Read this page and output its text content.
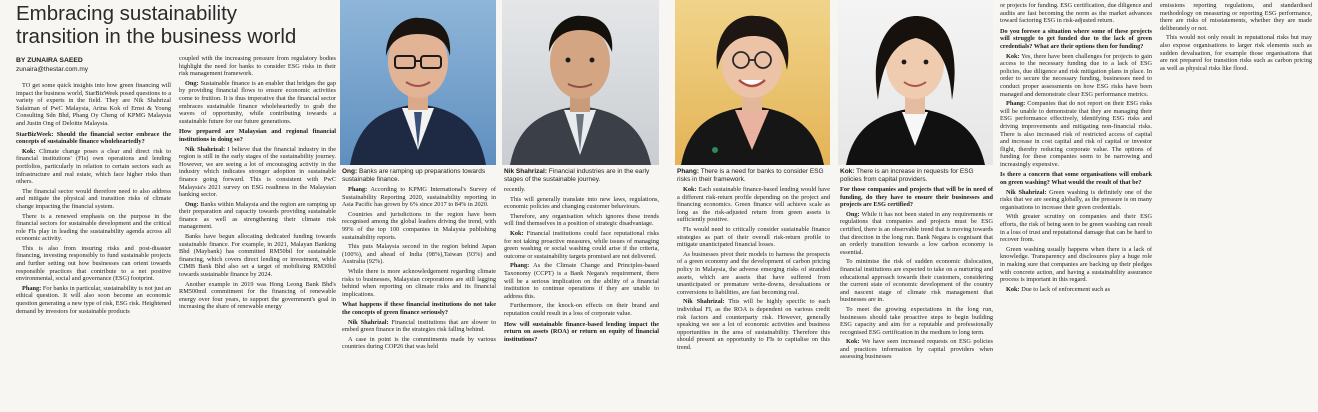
Embracing sustainability
transition in the business world
BY ZUNAIRA SAEED
zunaira@thestar.com.my

TO get some quick insights into how green financing will impact the business world, StarBizWeek posed questions to a variety of experts in the field. They are Nik Shahrizal Sulaiman of PwC Malaysia, Arina Kok of Ernst & Young Consulting Sdn Bhd, Phang Oy Cheng of KPMG Malaysia and Justin Ong of Deloitte Malaysia.

StarBizWeek: Should the financial sector embrace the concepts of sustainable finance wholeheartedly?

Kok: Climate change poses a clear and direct risk to financial institutions' (FIs) own operations and lending portfolios, particularly in relation to certain sectors such as infrastructure and real estate, which face higher risks than others.

The financial sector would therefore need to also address and mitigate the physical and transition risks of climate change impacting the financial system.

There is a renewed emphasis on the purpose in the financial sectors for sustainable development and the critical role FIs play in leading the sustainability agenda across all economic activity.

This is also from insuring risks and post-disaster financing, investing responsibly to fund sustainable projects and further setting out how businesses can orient towards responsible practices that contribute to a net positive environmental, social and governance (ESG) footprint.

Phang: For banks in particular, sustainability is not just an ethical question. It will also soon become an economic question generating a new type of risk, ESG risk. Heightened demand by investors for sustainable products

coupled with the increasing pressure from regulatory bodies highlight the need for banks to consider ESG risks in their risk management framework.

Ong: Sustainable finance is an enabler that bridges the gap by providing financial flows to ensure economic activities come to fruition. It is thus imperative that the financial sector embraces sustainable finance wholeheartedly to grab the waves of opportunity, while contributing towards a sustainable future for our future generations.

How prepared are Malaysian and regional financial institutions in doing so?

Nik Shahrizal: I believe that the financial industry in the region is still in the early stages of the sustainability journey. However, we are seeing a lot of encouraging activity in the industry which indicates stronger adoption in sustainable finance going forward. This is consistent with PwC Malaysia's 2021 survey on ESG readiness in the Malaysian banking sector.

Ong: Banks within Malaysia and the region are ramping up their preparation and capacity towards providing sustainable finance as well as strengthening their climate risk management.

Banks have begun allocating dedicated funding towards sustainable finance. For example, in 2021, Malayan Banking Bhd (Maybank) has committed RM50bil for sustainable financing, which covers direct lending or investment, while CIMB Bank Bhd also set a target of mobilising RM30bil towards sustainable finance by 2024.

Another example in 2019 was Hong Leong Bank Bhd's RM500mil commitment for the financing of renewable energy over four years, to support the government's goal in increasing the share of renewable energy

Ong: Banks are ramping up preparations towards sustainable finance.

Phang: According to KPMG International's Survey of Sustainability Reporting 2020, sustainability reporting in Asia Pacific has grown by 6% since 2017 to 84% in 2020.

Countries and jurisdictions in the region have been recognised among the global leaders driving the trend, with 99% of the top 100 companies in Malaysia publishing sustainability reports.

This puts Malaysia second in the region behind Japan (100%), and ahead of India (98%),Taiwan (93%) and Australia (92%).

While there is more acknowledgement regarding climate risks to businesses, Malaysian corporations are still lagging behind when reporting on climate risks and its financial implications.

What happens if these financial institutions do not take the concepts of green finance seriously?

Nik Shahrizal: Financial institutions that are slower to embed green finance in the strategies risk falling behind.

A case in point is the commitments made by various countries during COP26 that was held

Nik Shahrizal: Financial industries are in the early stages of the sustainable journey.

recently.

This will generally translate into new laws, regulations, economic policies and changing customer behaviours.

Therefore, any organisation which ignores these trends will find themselves in a position of strategic disadvantage.

Kok: Financial institutions could face reputational risks for not taking proactive measures, while issues of managing green washing or social washing could arise if the criteria, outcome or sustainability targets promised are not delivered.

Phang: As the Climate Change and Principles-based Taxonomy (CCPT) is a Bank Negara's requirement, there will be a serious implication on the ability of a financial institution to continue operations if they are unable to address this.

Furthermore, the knock-on effects on their brand and reputation could result in a loss of corporate value.

How will sustainable finance-based lending impact the return on assets (ROA) or return on equity of financial institutions?

Phang: There is a need for banks to consider ESG risks in their framework.

Kok: Each sustainable finance-based lending would have a different risk-return profile depending on the project and financing economics. Green finance will achieve scale as long as the risk-adjusted return from green assets is sufficiently positive.

FIs would need to critically consider sustainable finance strategies as part of their overall risk-return profile to mitigate unanticipated financial losses.

As businesses pivot their models to harness the prospects of a green economy and the development of carbon pricing policy in Malaysia, the adverse emerging risks of stranded assets, which are assets that have suffered from unanticipated or premature write-downs, devaluations or conversions to liabilities, are fast becoming real.

Nik Shahrizal: This will be highly specific to each individual FI, as the ROA is dependent on various credit risk factors and counterparty risk. However, generally speaking we see a lot of economic activities and business opportunities in the area of sustainability. Therefore this should present an opportunity to FIs to capitalise on this trend.

Kok: There is an increase in requests for ESG policies from capital providers.

For those companies and projects that will be in need of funding, do they have to ensure their businesses and projects are ESG certified?

Ong: While it has not been stated in any requirements or regulations that companies and projects must be ESG certified, there is an observable trend that is moving towards that direction in the long run. Bank Negara is cognisant that an orderly transition towards a low carbon economy is essential.

To minimise the risk of sudden economic dislocation, financial institutions are expected to take on a nurturing and educational approach towards their customers, considering the current state of economic development of the country and nascent stage of climate risk management that businesses are in.

To meet the growing expectations in the long run, businesses should take proactive steps to begin building ESG capacity and aim for a reputable and professionally recognised ESG certification in the medium to long term.

Kok: We have seen increased requests on ESG policies and practices information by capital providers when assessing businesses

or projects for funding. ESG certification, due diligence and audits are fast becoming the norm as the market advances toward factoring ESG in risk-adjusted return.

Do you foresee a situation where some of these projects will struggle to get funded due to the lack of green credentials? What are their options then for funding?

Kok: Yes, there have been challenges for projects to gain access to the necessary funding due to a lack of ESG policies, due diligence and risk mitigation plans in place. In order to secure the necessary funding, businesses need to conduct proper assessments on how ESG risks have been managed and demonstrate clear ESG performance metrics.

Phang: Companies that do not report on their ESG risks will be unable to demonstrate that they are managing their ESG performance effectively, identifying ESG risks and driving improvements and mitigating non-financial risks. There is also increased risk of restricted access of capital and increase in cost capital and risk of capital or investor flight, thereby reducing corporate value. The options of funding for these companies seem to be narrowing and increasingly expensive.

Is there a concern that some organisations will embark on green washing? What would the result of that be?

Nik Shahrizal: Green washing is definitely one of the risks that we are seeing globally, as the pressure is on many organisations to increase their green credentials.

With greater scrutiny on companies and their ESG efforts, the risk of being seen to be green washing can result in a loss of trust and reputational damage that can be hard to recover from.

Green washing usually happens when there is a lack of knowledge. Transparency and disclosures play a huge role in making sure that companies are backing up their pledges with concrete action, and having a sustainability assurance process is important in this regard.

Kok: Due to lack of enforcement such as

emissions reporting regulations, and standardised methodology on measuring or reporting ESG performance, there are risks of misstatements, whether they are made deliberately or not.

This would not only result in reputational risks but may also expose organisations to larger risk elements such as sudden devaluation, for example those organisations that are not prepared for transition risks such as carbon pricing as well as physical risks like flood.
